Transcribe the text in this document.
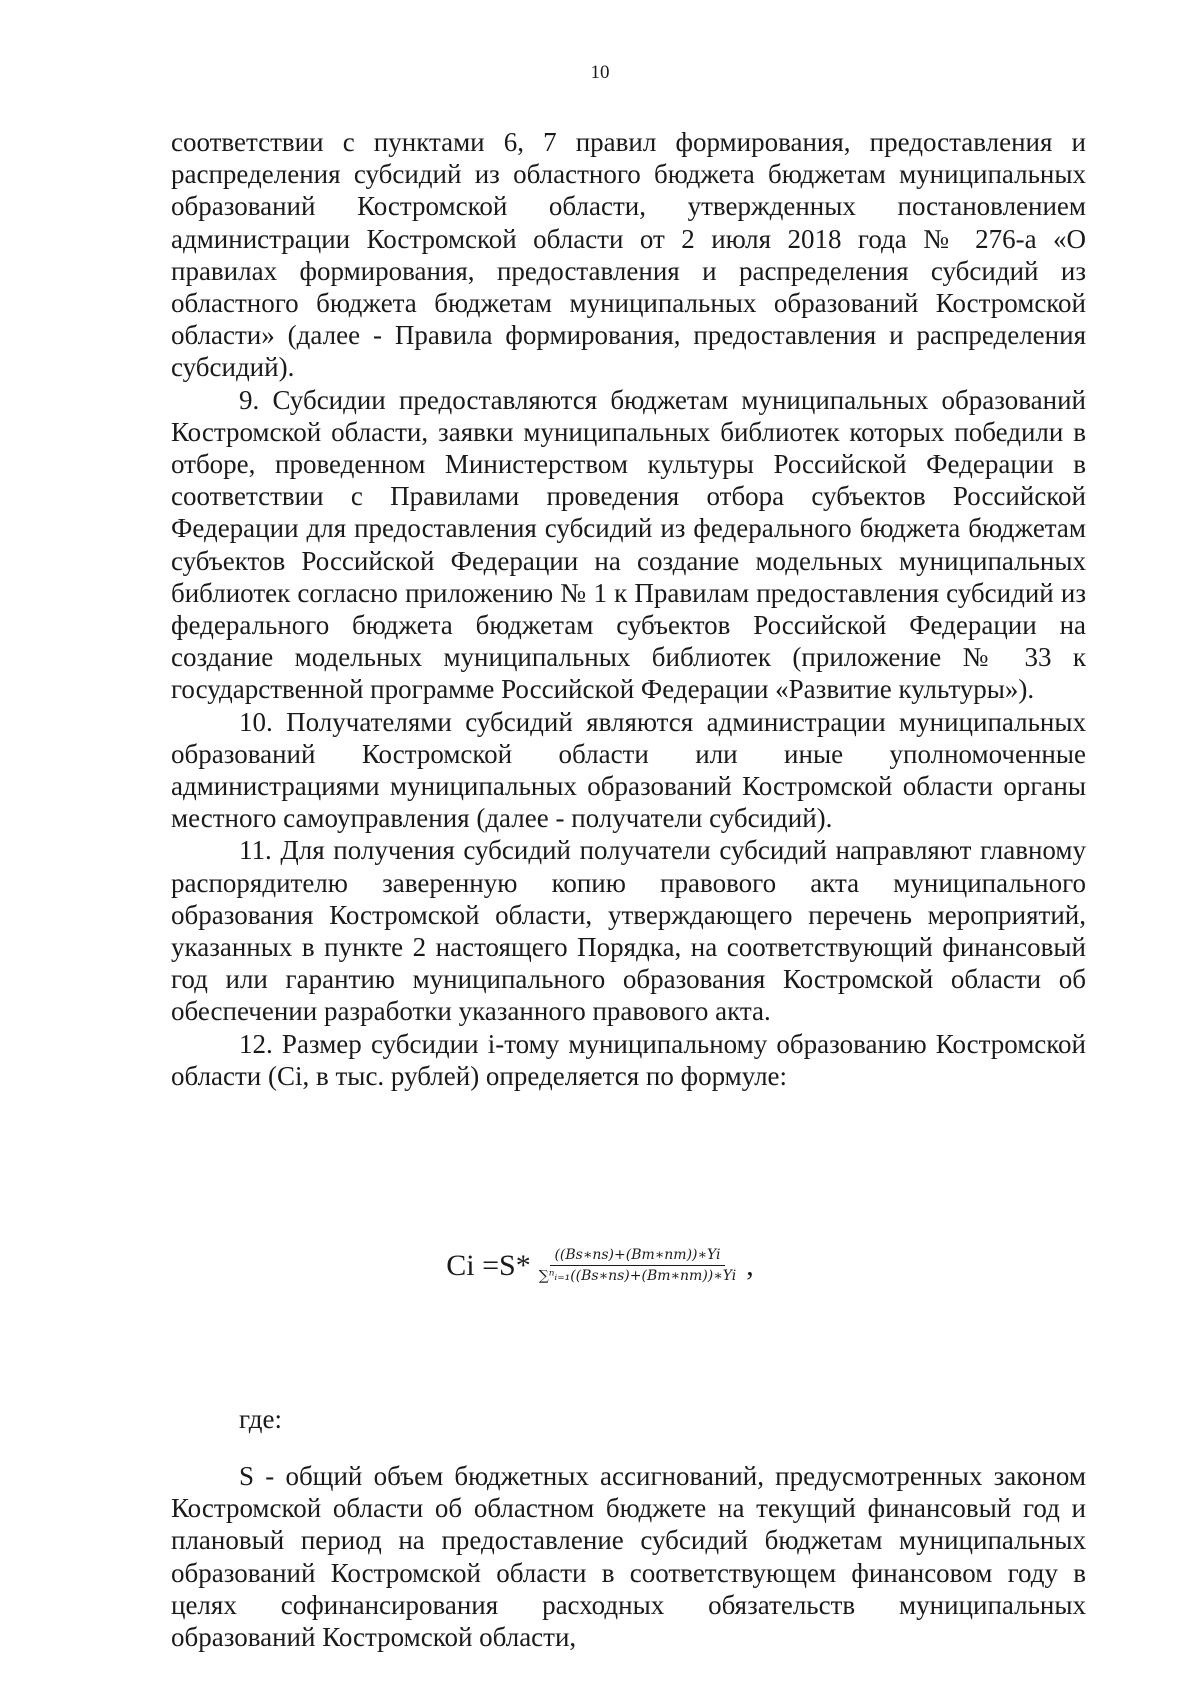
10

соответствии с пунктами 6, 7 правил формирования, предоставления и распределения субсидий из областного бюджета бюджетам муниципальных образований Костромской области, утвержденных постановлением администрации Костромской области от 2 июля 2018 года № 276-а «О правилах формирования, предоставления и распределения субсидий из областного бюджета бюджетам муниципальных образований Костромской области» (далее - Правила формирования, предоставления и распределения субсидий).

9. Субсидии предоставляются бюджетам муниципальных образований Костромской области, заявки муниципальных библиотек которых победили в отборе, проведенном Министерством культуры Российской Федерации в соответствии с Правилами проведения отбора субъектов Российской Федерации для предоставления субсидий из федерального бюджета бюджетам субъектов Российской Федерации на создание модельных муниципальных библиотек согласно приложению № 1 к Правилам предоставления субсидий из федерального бюджета бюджетам субъектов Российской Федерации на создание модельных муниципальных библиотек (приложение № 33 к государственной программе Российской Федерации «Развитие культуры»).

10. Получателями субсидий являются администрации муниципальных образований Костромской области или иные уполномоченные администрациями муниципальных образований Костромской области органы местного самоуправления (далее - получатели субсидий).

11. Для получения субсидий получатели субсидий направляют главному распорядителю заверенную копию правового акта муниципального образования Костромской области, утверждающего перечень мероприятий, указанных в пункте 2 настоящего Порядка, на соответствующий финансовый год или гарантию муниципального образования Костромской области об обеспечении разработки указанного правового акта.

12. Размер субсидии i-тому муниципальному образованию Костромской области (Ci, в тыс. рублей) определяется по формуле:

$Ci =S* \frac{((Bs∗ns)+(Bm∗nm))∗Yi}{\text{∑ⁿᵢ₌₁((Bs∗ns)+(Bm∗nm))∗Yi}}$ ,
где:

S - общий объем бюджетных ассигнований, предусмотренных законом Костромской области об областном бюджете на текущий финансовый год и плановый период на предоставление субсидий бюджетам муниципальных образований Костромской области в соответствующем финансовом году в целях софинансирования расходных обязательств муниципальных образований Костромской области,
